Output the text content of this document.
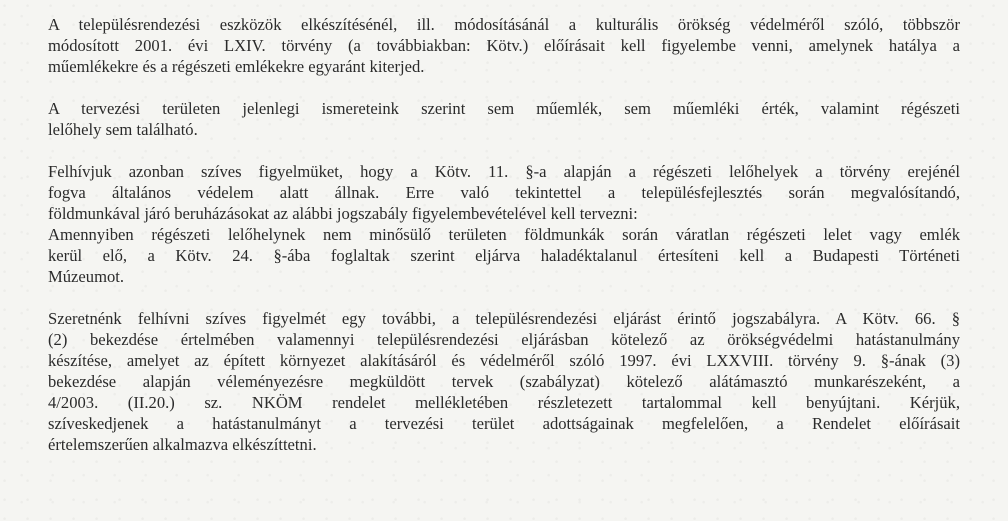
A településrendezési eszközök elkészítésénél, ill. módosításánál a kulturális örökség védelméről szóló, többször
módosított 2001. évi LXIV. törvény (a továbbiakban: Kötv.) előírásait kell figyelembe venni, amelynek hatálya a
műemlékekre és a régészeti emlékekre egyaránt kiterjed.
A tervezési területen jelenlegi ismereteink szerint sem műemlék, sem műemléki érték, valamint régészeti
lelőhely sem található.
Felhívjuk azonban szíves figyelmüket, hogy a Kötv. 11. §-a alapján a régészeti lelőhelyek a törvény erejénél
fogva általános védelem alatt állnak. Erre való tekintettel a településfejlesztés során megvalósítandó,
földmunkával járó beruházásokat az alábbi jogszabály figyelembevételével kell tervezni:
Amennyiben régészeti lelőhelynek nem minősülő területen földmunkák során váratlan régészeti lelet vagy emlék
kerül elő, a Kötv. 24. §-ába foglaltak szerint eljárva haladéktalanul értesíteni kell a Budapesti Történeti
Múzeumot.
Szeretnénk felhívni szíves figyelmét egy további, a településrendezési eljárást érintő jogszabályra. A Kötv. 66. §
(2) bekezdése értelmében valamennyi településrendezési eljárásban kötelező az örökségvédelmi hatástanulmány
készítése, amelyet az épített környezet alakításáról és védelméről szóló 1997. évi LXXVIII. törvény 9. §-ának (3)
bekezdése alapján véleményezésre megküldött tervek (szabályzat) kötelező alátámasztó munkarészeként, a
4/2003. (II.20.) sz. NKÖM rendelet mellékletében részletezett tartalommal kell benyújtani. Kérjük,
szíveskedjenek a hatástanulmányt a tervezési terület adottságainak megfelelően, a Rendelet előírásait
értelemszerűen alkalmazva elkészíttetni.
